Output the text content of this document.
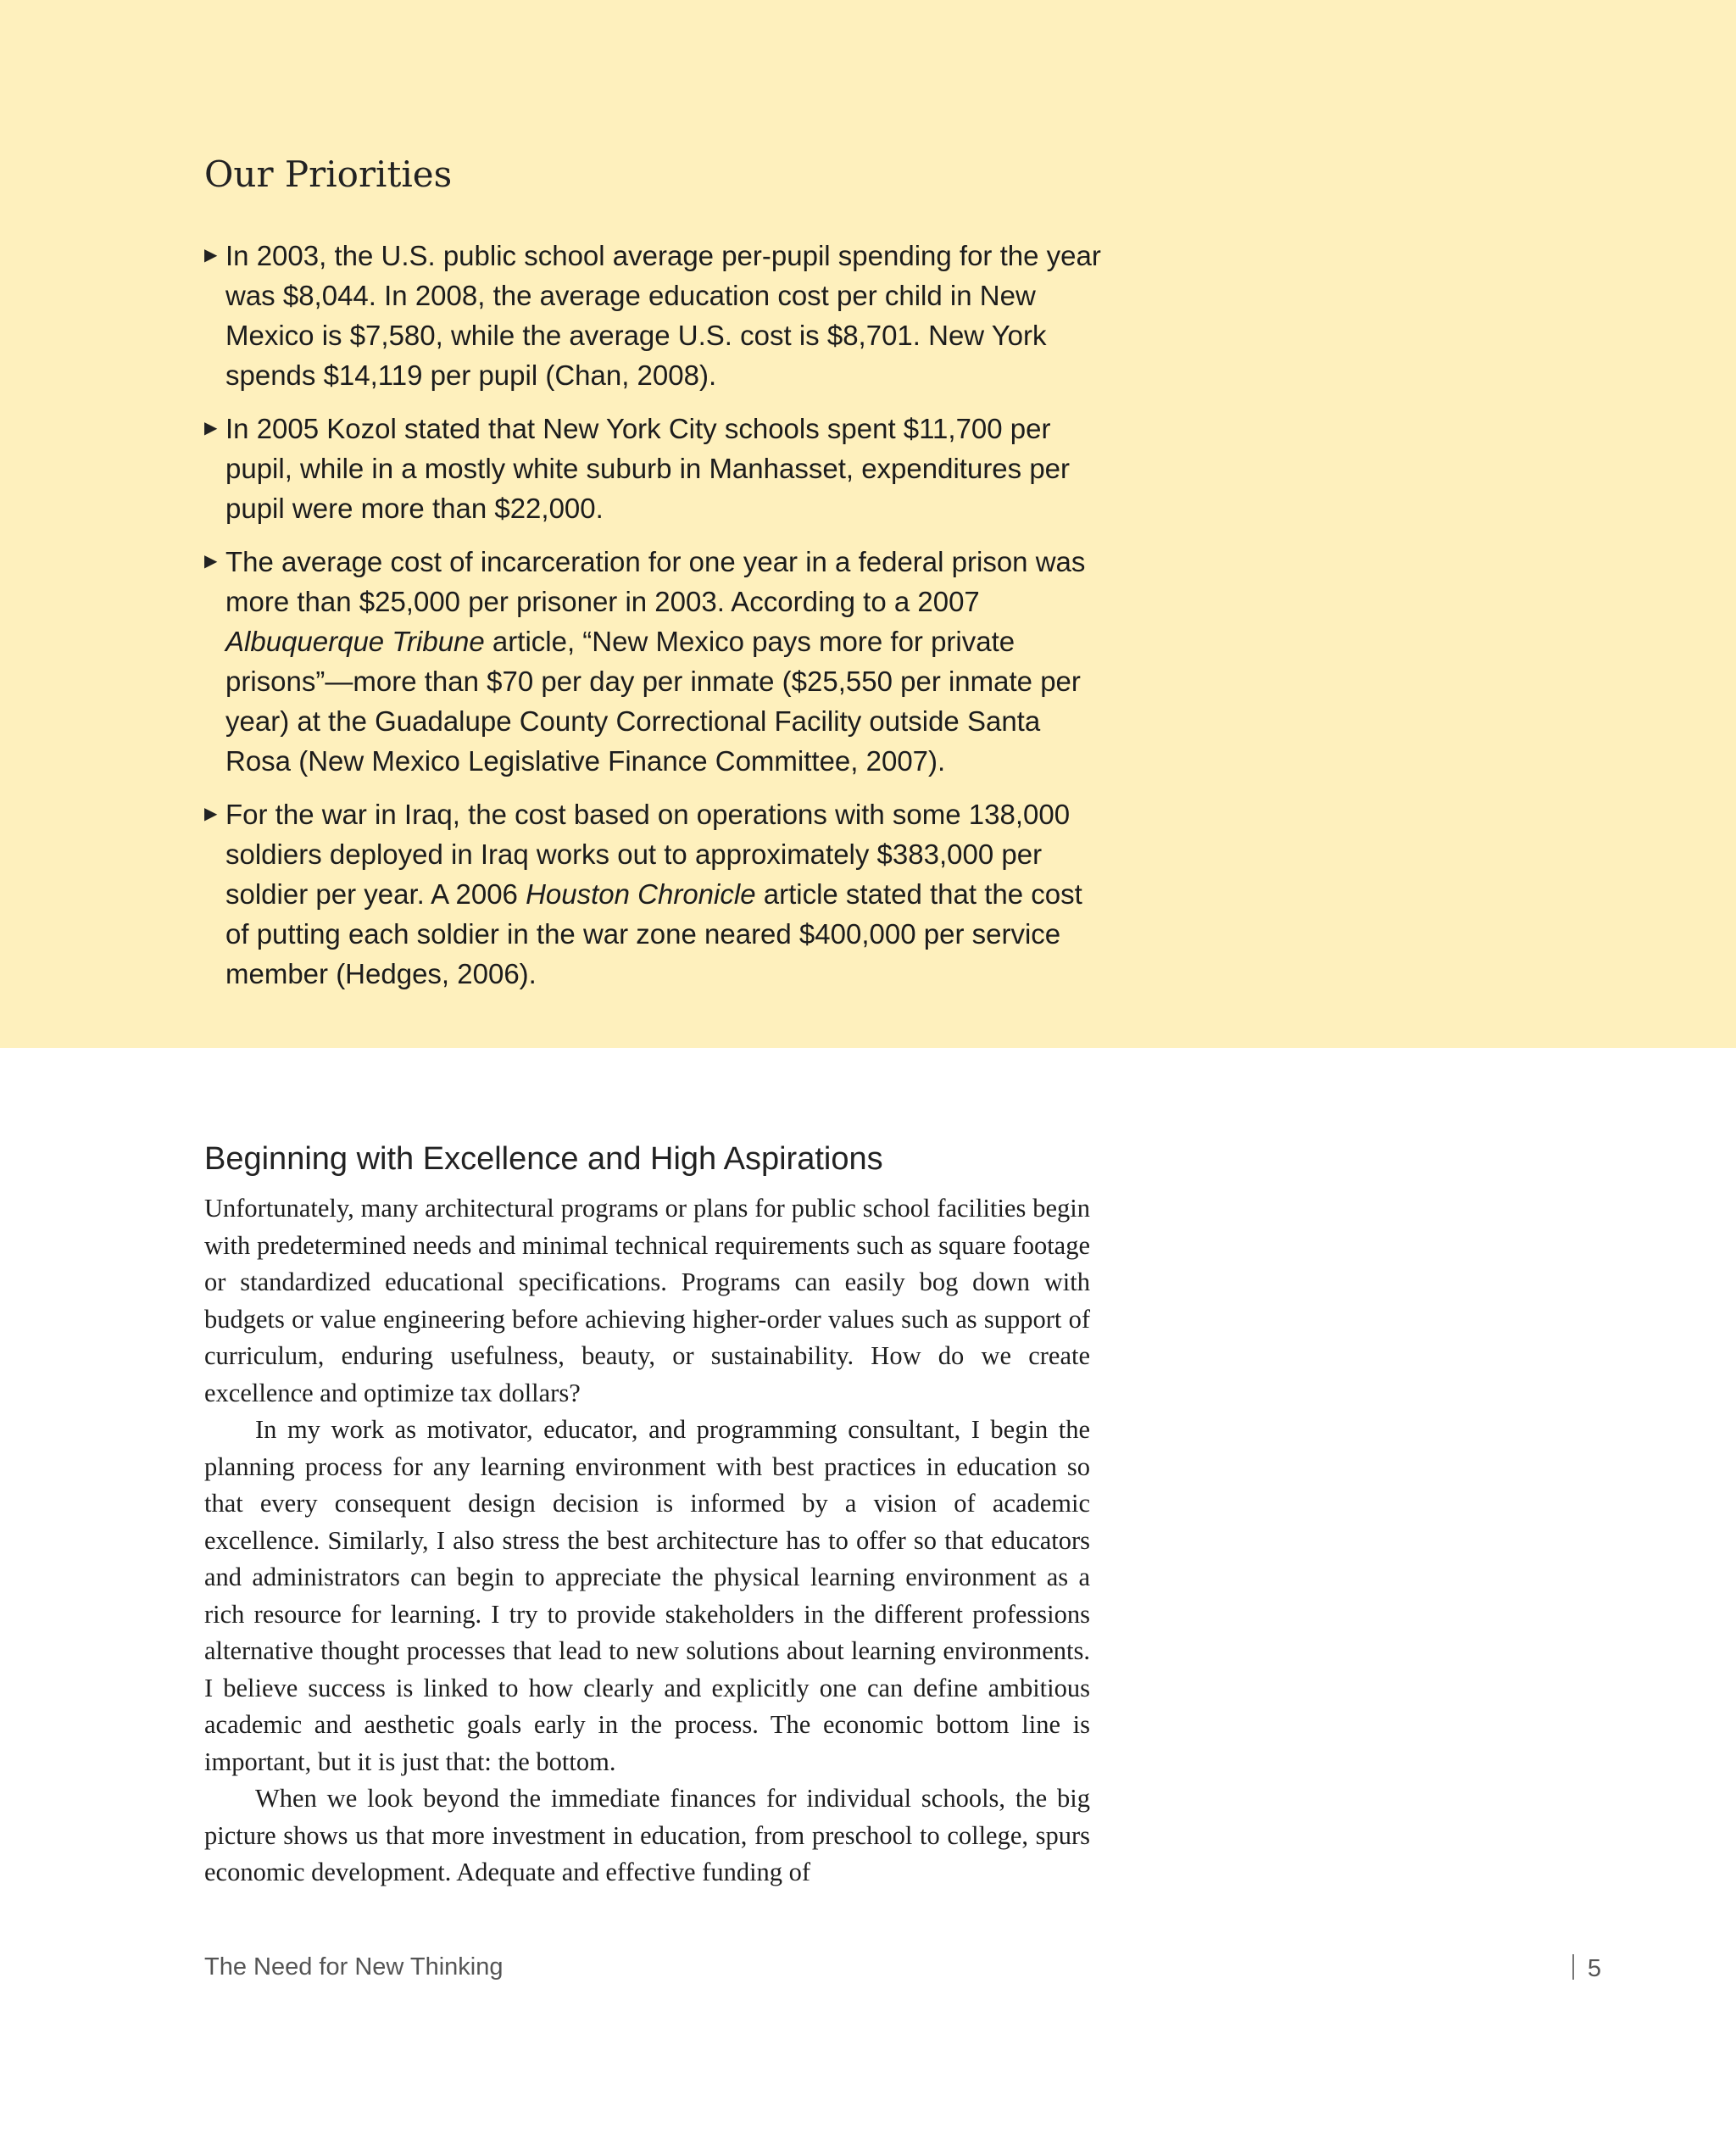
Our Priorities
▶ In 2003, the U.S. public school average per-pupil spending for the year was $8,044. In 2008, the average education cost per child in New Mexico is $7,580, while the average U.S. cost is $8,701. New York spends $14,119 per pupil (Chan, 2008).
▶ In 2005 Kozol stated that New York City schools spent $11,700 per pupil, while in a mostly white suburb in Manhasset, expenditures per pupil were more than $22,000.
▶ The average cost of incarceration for one year in a federal prison was more than $25,000 per prisoner in 2003. According to a 2007 Albuquerque Tribune article, “New Mexico pays more for private prisons”—more than $70 per day per inmate ($25,550 per inmate per year) at the Guadalupe County Correctional Facility outside Santa Rosa (New Mexico Legislative Finance Committee, 2007).
▶ For the war in Iraq, the cost based on operations with some 138,000 soldiers deployed in Iraq works out to approximately $383,000 per soldier per year. A 2006 Houston Chronicle article stated that the cost of putting each soldier in the war zone neared $400,000 per service member (Hedges, 2006).
Beginning with Excellence and High Aspirations

Unfortunately, many architectural programs or plans for public school facilities begin with predetermined needs and minimal technical requirements such as square footage or standardized educational specifications. Programs can easily bog down with budgets or value engineering before achieving higher-order values such as support of curriculum, enduring usefulness, beauty, or sustainability. How do we create excellence and optimize tax dollars?

In my work as motivator, educator, and programming consultant, I begin the planning process for any learning environment with best practices in education so that every consequent design decision is informed by a vision of academic excellence. Similarly, I also stress the best architecture has to offer so that educators and administrators can begin to appreciate the physical learning environment as a rich resource for learning. I try to provide stakeholders in the different professions alternative thought processes that lead to new solutions about learning environments. I believe success is linked to how clearly and explicitly one can define ambitious academic and aesthetic goals early in the process. The economic bottom line is important, but it is just that: the bottom.

When we look beyond the immediate finances for individual schools, the big picture shows us that more investment in education, from preschool to college, spurs economic development. Adequate and effective funding of

The Need for New Thinking	5
